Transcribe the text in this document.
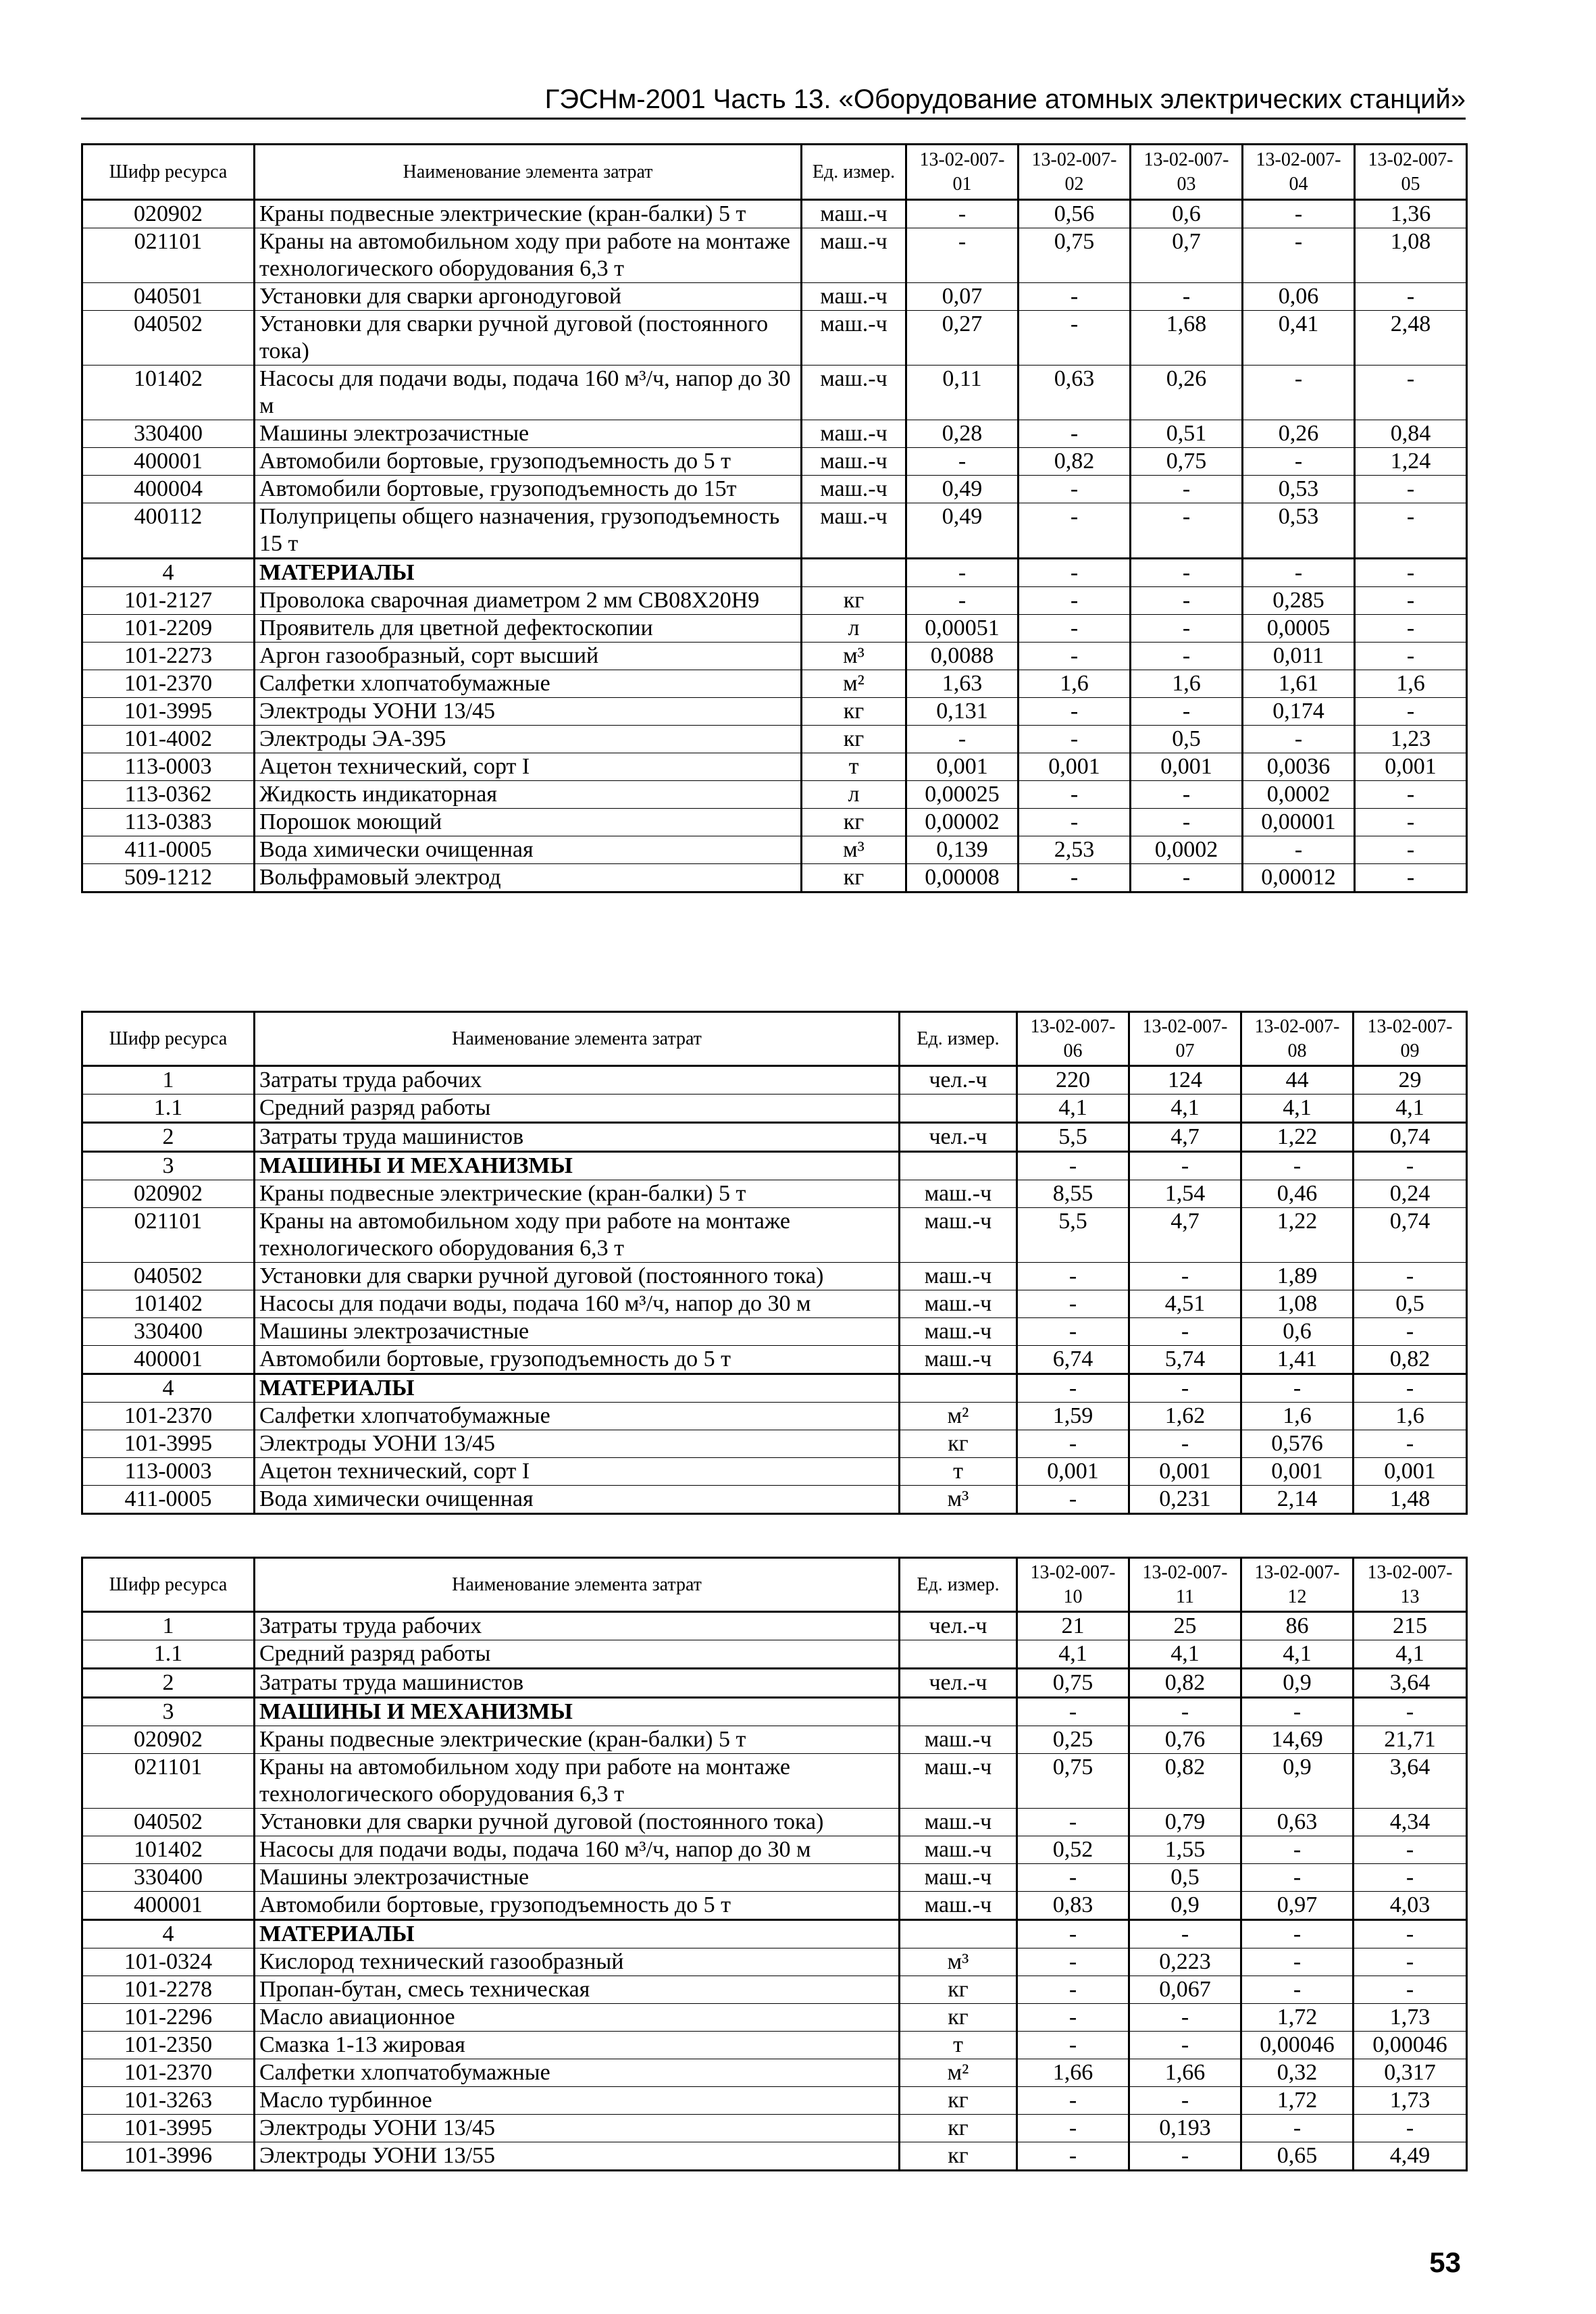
ГЭСНм-2001 Часть 13. «Оборудование атомных электрических станций»
Шифр ресурса	Наименование элемента затрат	Ед. измер.	13-02-007-01	13-02-007-02	13-02-007-03	13-02-007-04	13-02-007-05
020902	Краны подвесные электрические (кран-балки) 5 т	маш.-ч	-	0,56	0,6	-	1,36
021101	Краны на автомобильном ходу при работе на монтаже технологического оборудования 6,3 т	маш.-ч	-	0,75	0,7	-	1,08
040501	Установки для сварки аргонодуговой	маш.-ч	0,07	-	-	0,06	-
040502	Установки для сварки ручной дуговой (постоянного тока)	маш.-ч	0,27	-	1,68	0,41	2,48
101402	Насосы для подачи воды, подача 160 м³/ч, напор до 30 м	маш.-ч	0,11	0,63	0,26	-	-
330400	Машины электрозачистные	маш.-ч	0,28	-	0,51	0,26	0,84
400001	Автомобили бортовые, грузоподъемность до 5 т	маш.-ч	-	0,82	0,75	-	1,24
400004	Автомобили бортовые, грузоподъемность до 15т	маш.-ч	0,49	-	-	0,53	-
400112	Полуприцепы общего назначения, грузоподъемность 15 т	маш.-ч	0,49	-	-	0,53	-
4	МАТЕРИАЛЫ		-	-	-	-	-
101-2127	Проволока сварочная диаметром 2 мм СВ08Х20Н9	кг	-	-	-	0,285	-
101-2209	Проявитель для цветной дефектоскопии	л	0,00051	-	-	0,0005	-
101-2273	Аргон газообразный, сорт высший	м³	0,0088	-	-	0,011	-
101-2370	Салфетки хлопчатобумажные	м²	1,63	1,6	1,6	1,61	1,6
101-3995	Электроды УОНИ 13/45	кг	0,131	-	-	0,174	-
101-4002	Электроды ЭА-395	кг	-	-	0,5	-	1,23
113-0003	Ацетон технический, сорт I	т	0,001	0,001	0,001	0,0036	0,001
113-0362	Жидкость индикаторная	л	0,00025	-	-	0,0002	-
113-0383	Порошок моющий	кг	0,00002	-	-	0,00001	-
411-0005	Вода химически очищенная	м³	0,139	2,53	0,0002	-	-
509-1212	Вольфрамовый электрод	кг	0,00008	-	-	0,00012	-
Шифр ресурса	Наименование элемента затрат	Ед. измер.	13-02-007-06	13-02-007-07	13-02-007-08	13-02-007-09
1	Затраты труда рабочих	чел.-ч	220	124	44	29
1.1	Средний разряд работы		4,1	4,1	4,1	4,1
2	Затраты труда машинистов	чел.-ч	5,5	4,7	1,22	0,74
3	МАШИНЫ И МЕХАНИЗМЫ		-	-	-	-
020902	Краны подвесные электрические (кран-балки) 5 т	маш.-ч	8,55	1,54	0,46	0,24
021101	Краны на автомобильном ходу при работе на монтаже технологического оборудования 6,3 т	маш.-ч	5,5	4,7	1,22	0,74
040502	Установки для сварки ручной дуговой (постоянного тока)	маш.-ч	-	-	1,89	-
101402	Насосы для подачи воды, подача 160 м³/ч, напор до 30 м	маш.-ч	-	4,51	1,08	0,5
330400	Машины электрозачистные	маш.-ч	-	-	0,6	-
400001	Автомобили бортовые, грузоподъемность до 5 т	маш.-ч	6,74	5,74	1,41	0,82
4	МАТЕРИАЛЫ		-	-	-	-
101-2370	Салфетки хлопчатобумажные	м²	1,59	1,62	1,6	1,6
101-3995	Электроды УОНИ 13/45	кг	-	-	0,576	-
113-0003	Ацетон технический, сорт I	т	0,001	0,001	0,001	0,001
411-0005	Вода химически очищенная	м³	-	0,231	2,14	1,48
Шифр ресурса	Наименование элемента затрат	Ед. измер.	13-02-007-10	13-02-007-11	13-02-007-12	13-02-007-13
1	Затраты труда рабочих	чел.-ч	21	25	86	215
1.1	Средний разряд работы		4,1	4,1	4,1	4,1
2	Затраты труда машинистов	чел.-ч	0,75	0,82	0,9	3,64
3	МАШИНЫ И МЕХАНИЗМЫ		-	-	-	-
020902	Краны подвесные электрические (кран-балки) 5 т	маш.-ч	0,25	0,76	14,69	21,71
021101	Краны на автомобильном ходу при работе на монтаже технологического оборудования 6,3 т	маш.-ч	0,75	0,82	0,9	3,64
040502	Установки для сварки ручной дуговой (постоянного тока)	маш.-ч	-	0,79	0,63	4,34
101402	Насосы для подачи воды, подача 160 м³/ч, напор до 30 м	маш.-ч	0,52	1,55	-	-
330400	Машины электрозачистные	маш.-ч	-	0,5	-	-
400001	Автомобили бортовые, грузоподъемность до 5 т	маш.-ч	0,83	0,9	0,97	4,03
4	МАТЕРИАЛЫ		-	-	-	-
101-0324	Кислород технический газообразный	м³	-	0,223	-	-
101-2278	Пропан-бутан, смесь техническая	кг	-	0,067	-	-
101-2296	Масло авиационное	кг	-	-	1,72	1,73
101-2350	Смазка 1-13 жировая	т	-	-	0,00046	0,00046
101-2370	Салфетки хлопчатобумажные	м²	1,66	1,66	0,32	0,317
101-3263	Масло турбинное	кг	-	-	1,72	1,73
101-3995	Электроды УОНИ 13/45	кг	-	0,193	-	-
101-3996	Электроды УОНИ 13/55	кг	-	-	0,65	4,49
53
